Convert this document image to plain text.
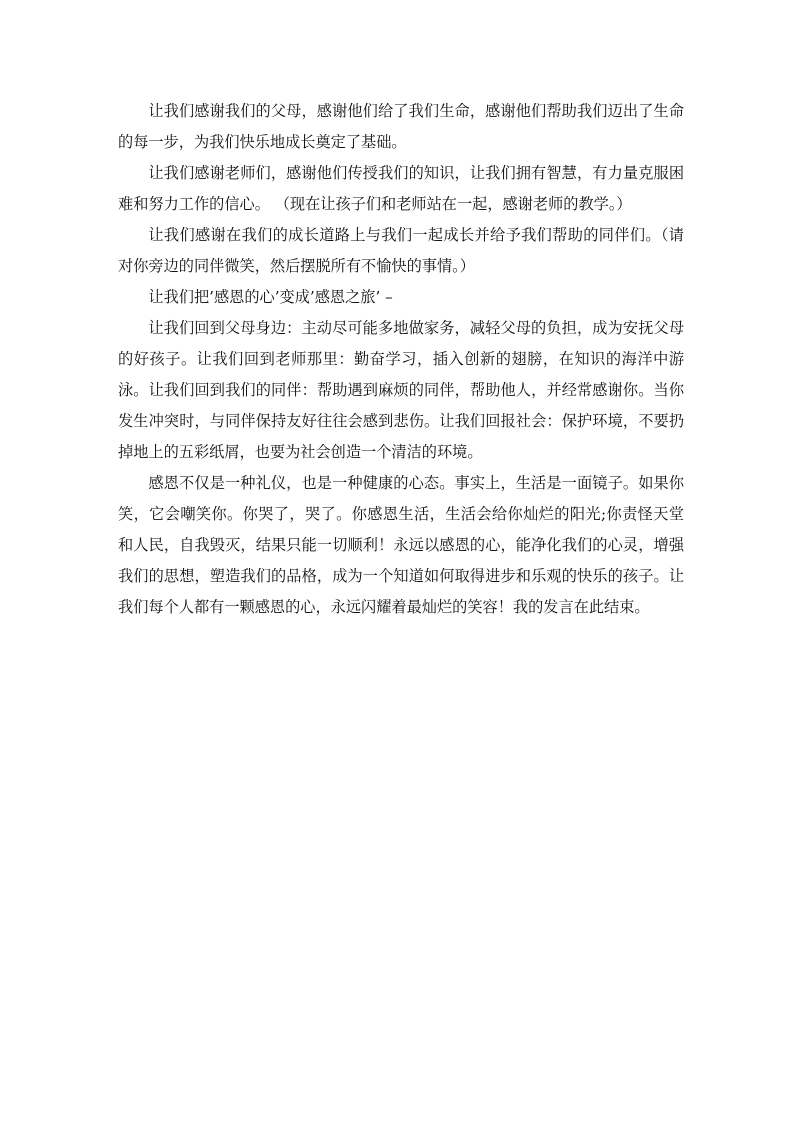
让我们感谢我们的父母，感谢他们给了我们生命，感谢他们帮助我们迈出了生命的每一步，为我们快乐地成长奠定了基础。

让我们感谢老师们，感谢他们传授我们的知识，让我们拥有智慧，有力量克服困难和努力工作的信心。 （现在让孩子们和老师站在一起，感谢老师的教学。）

让我们感谢在我们的成长道路上与我们一起成长并给予我们帮助的同伴们。（请对你旁边的同伴微笑，然后摆脱所有不愉快的事情。）

让我们把’感恩的心’变成’感恩之旅’ –

让我们回到父母身边：主动尽可能多地做家务，减轻父母的负担，成为安抚父母的好孩子。让我们回到老师那里：勤奋学习，插入创新的翅膀，在知识的海洋中游泳。让我们回到我们的同伴：帮助遇到麻烦的同伴，帮助他人，并经常感谢你。当你发生冲突时，与同伴保持友好往往会感到悲伤。让我们回报社会：保护环境，不要扔掉地上的五彩纸屑，也要为社会创造一个清洁的环境。

感恩不仅是一种礼仪，也是一种健康的心态。事实上，生活是一面镜子。如果你笑，它会嘲笑你。你哭了，哭了。你感恩生活，生活会给你灿烂的阳光;你责怪天堂和人民，自我毁灭，结果只能一切顺利！永远以感恩的心，能净化我们的心灵，增强我们的思想，塑造我们的品格，成为一个知道如何取得进步和乐观的快乐的孩子。让我们每个人都有一颗感恩的心，永远闪耀着最灿烂的笑容！我的发言在此结束。
